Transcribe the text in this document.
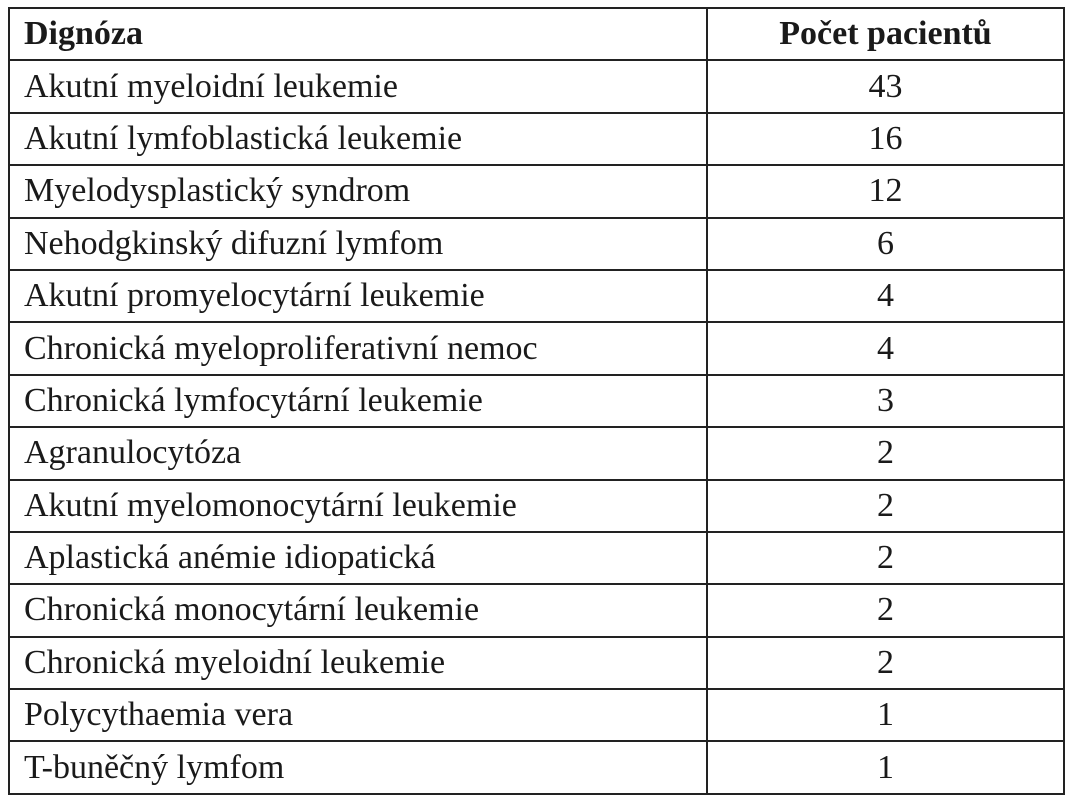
Dignóza	Počet pacientů
Akutní myeloidní leukemie	43
Akutní lymfoblastická leukemie	16
Myelodysplastický syndrom	12
Nehodgkinský difuzní lymfom	6
Akutní promyelocytární leukemie	4
Chronická myeloproliferativní nemoc	4
Chronická lymfocytární leukemie	3
Agranulocytóza	2
Akutní myelomonocytární leukemie	2
Aplastická anémie idiopatická	2
Chronická monocytární leukemie	2
Chronická myeloidní leukemie	2
Polycythaemia vera	1
T-buněčný lymfom	1
